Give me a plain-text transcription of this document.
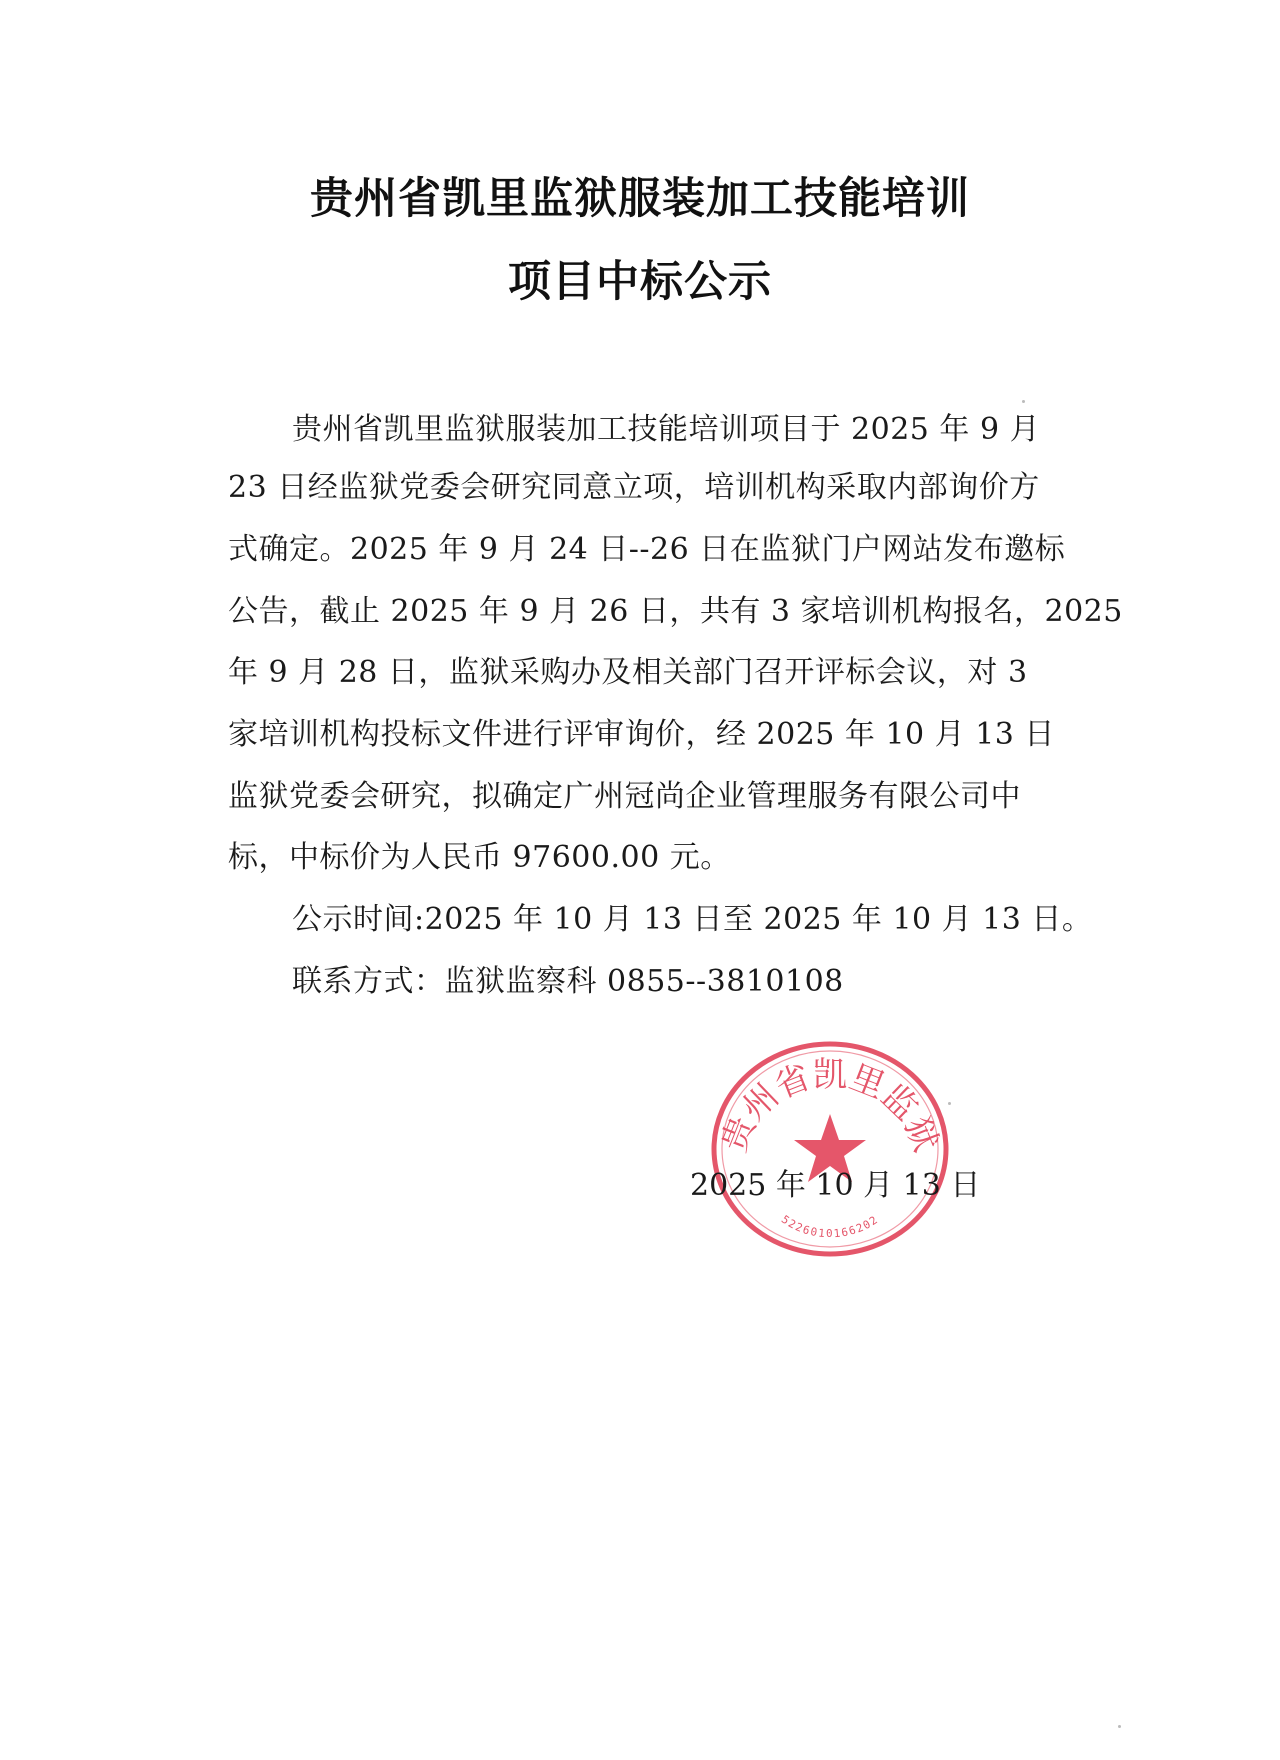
贵州省凯里监狱服装加工技能培训
项目中标公示
贵州省凯里监狱服装加工技能培训项目于 2025 年 9 月
23 日经监狱党委会研究同意立项，培训机构采取内部询价方
式确定。2025 年 9 月 24 日--26 日在监狱门户网站发布邀标
公告，截止 2025 年 9 月 26 日，共有 3 家培训机构报名，2025
年 9 月 28 日，监狱采购办及相关部门召开评标会议，对 3
家培训机构投标文件进行评审询价，经 2025 年 10 月 13 日
监狱党委会研究，拟确定广州冠尚企业管理服务有限公司中
标，中标价为人民币 97600.00 元。
公示时间:2025 年 10 月 13 日至 2025 年 10 月 13 日。
联系方式：监狱监察科 0855--3810108
贵州省凯里监狱
5226010166202
2025 年 10 月 13 日
